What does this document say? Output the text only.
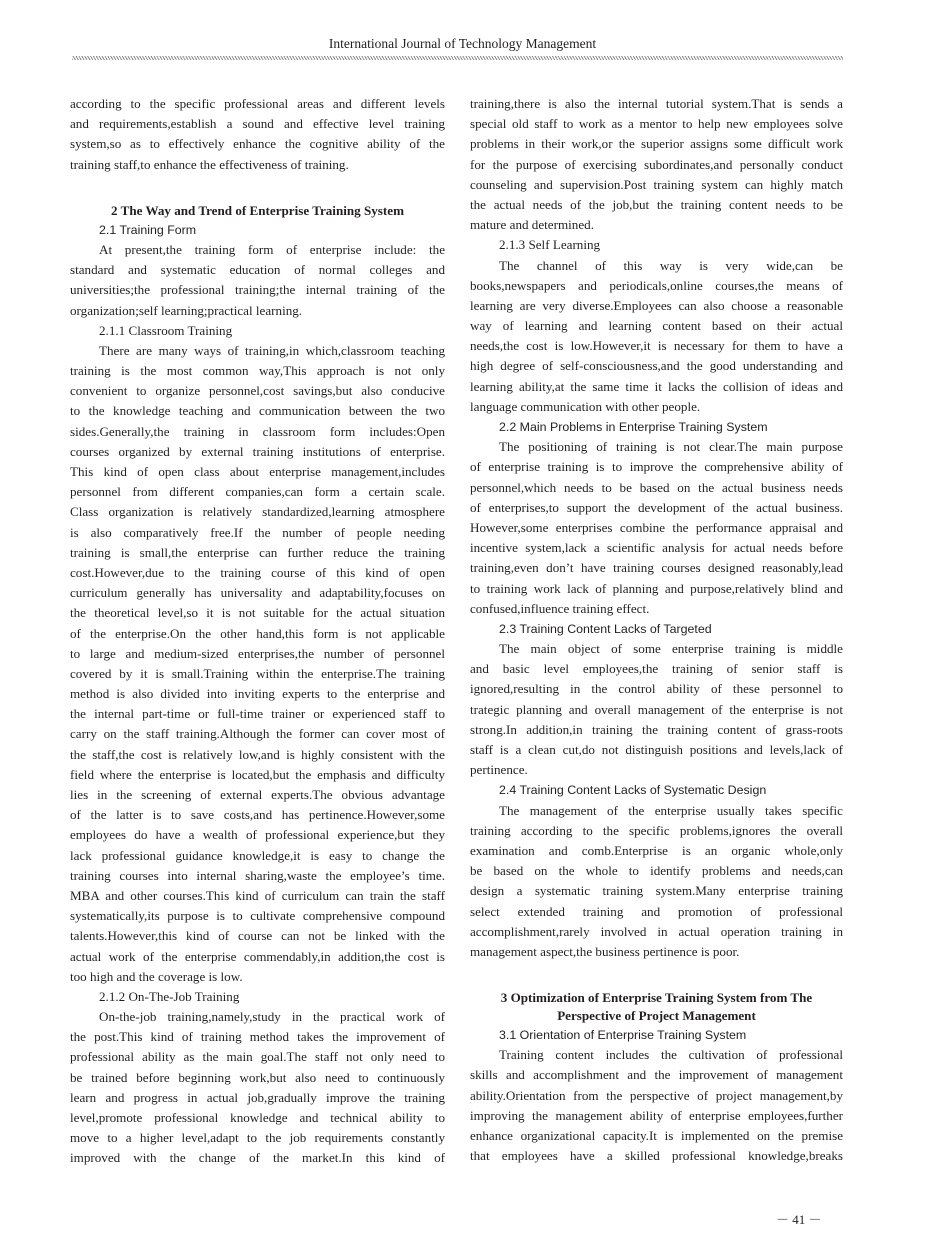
International Journal of Technology Management
according to the specific professional areas and different levels
and requirements,establish a sound and effective level training
system,so as to effectively enhance the cognitive ability of the
training staff,to enhance the effectiveness of training.
2 The Way and Trend of Enterprise Training System
2.1 Training Form
At present,the training form of enterprise include: the
standard and systematic education of normal colleges and
universities;the professional training;the internal training of the
organization;self learning;practical learning.
2.1.1 Classroom Training
There are many ways of training,in which,classroom teaching
training is the most common way,This approach is not only
convenient to organize personnel,cost savings,but also conducive
to the knowledge teaching and communication between the two
sides.Generally,the training in classroom form includes:Open
courses organized by external training institutions of enterprise.
This kind of open class about enterprise management,includes
personnel from different companies,can form a certain scale.
Class organization is relatively standardized,learning atmosphere
is also comparatively free.If the number of people needing
training is small,the enterprise can further reduce the training
cost.However,due to the training course of this kind of open
curriculum generally has universality and adaptability,focuses on
the theoretical level,so it is not suitable for the actual situation
of the enterprise.On the other hand,this form is not applicable
to large and medium-sized enterprises,the number of personnel
covered by it is small.Training within the enterprise.The training
method is also divided into inviting experts to the enterprise and
the internal part-time or full-time trainer or experienced staff to
carry on the staff training.Although the former can cover most of
the staff,the cost is relatively low,and is highly consistent with the
field where the enterprise is located,but the emphasis and difficulty
lies in the screening of external experts.The obvious advantage
of the latter is to save costs,and has pertinence.However,some
employees do have a wealth of professional experience,but they
lack professional guidance knowledge,it is easy to change the
training courses into internal sharing,waste the employee’s time.
MBA and other courses.This kind of curriculum can train the staff
systematically,its purpose is to cultivate comprehensive compound
talents.However,this kind of course can not be linked with the
actual work of the enterprise commendably,in addition,the cost is
too high and the coverage is low.
2.1.2 On-The-Job Training
On-the-job training,namely,study in the practical work of
the post.This kind of training method takes the improvement of
professional ability as the main goal.The staff not only need to
be trained before beginning work,but also need to continuously
learn and progress in actual job,gradually improve the training
level,promote professional knowledge and technical ability to
move to a higher level,adapt to the job requirements constantly
improved with the change of the market.In this kind of
training,there is also the internal tutorial system.That is sends a
special old staff to work as a mentor to help new employees solve
problems in their work,or the superior assigns some difficult work
for the purpose of exercising subordinates,and personally conduct
counseling and supervision.Post training system can highly match
the actual needs of the job,but the training content needs to be
mature and determined.
2.1.3 Self Learning
The channel of this way is very wide,can be
books,newspapers and periodicals,online courses,the means of
learning are very diverse.Employees can also choose a reasonable
way of learning and learning content based on their actual
needs,the cost is low.However,it is necessary for them to have a
high degree of self-consciousness,and the good understanding and
learning ability,at the same time it lacks the collision of ideas and
language communication with other people.
2.2 Main Problems in Enterprise Training System
The positioning of training is not clear.The main purpose
of enterprise training is to improve the comprehensive ability of
personnel,which needs to be based on the actual business needs
of enterprises,to support the development of the actual business.
However,some enterprises combine the performance appraisal and
incentive system,lack a scientific analysis for actual needs before
training,even don’t have training courses designed reasonably,lead
to training work lack of planning and purpose,relatively blind and
confused,influence training effect.
2.3 Training Content Lacks of Targeted
The main object of some enterprise training is middle
and basic level employees,the training of senior staff is
ignored,resulting in the control ability of these personnel to
trategic planning and overall management of the enterprise is not
strong.In addition,in training the training content of grass-roots
staff is a clean cut,do not distinguish positions and levels,lack of
pertinence.
2.4 Training Content Lacks of Systematic Design
The management of the enterprise usually takes specific
training according to the specific problems,ignores the overall
examination and comb.Enterprise is an organic whole,only
be based on the whole to identify problems and needs,can
design a systematic training system.Many enterprise training
select extended training and promotion of professional
accomplishment,rarely involved in actual operation training in
management aspect,the business pertinence is poor.
3 Optimization of Enterprise Training System from The
Perspective of Project Management
3.1 Orientation of Enterprise Training System
Training content includes the cultivation of professional
skills and accomplishment and the improvement of management
ability.Orientation from the perspective of project management,by
improving the management ability of enterprise employees,further
enhance organizational capacity.It is implemented on the premise
that employees have a skilled professional knowledge,breaks
－ 41 －
